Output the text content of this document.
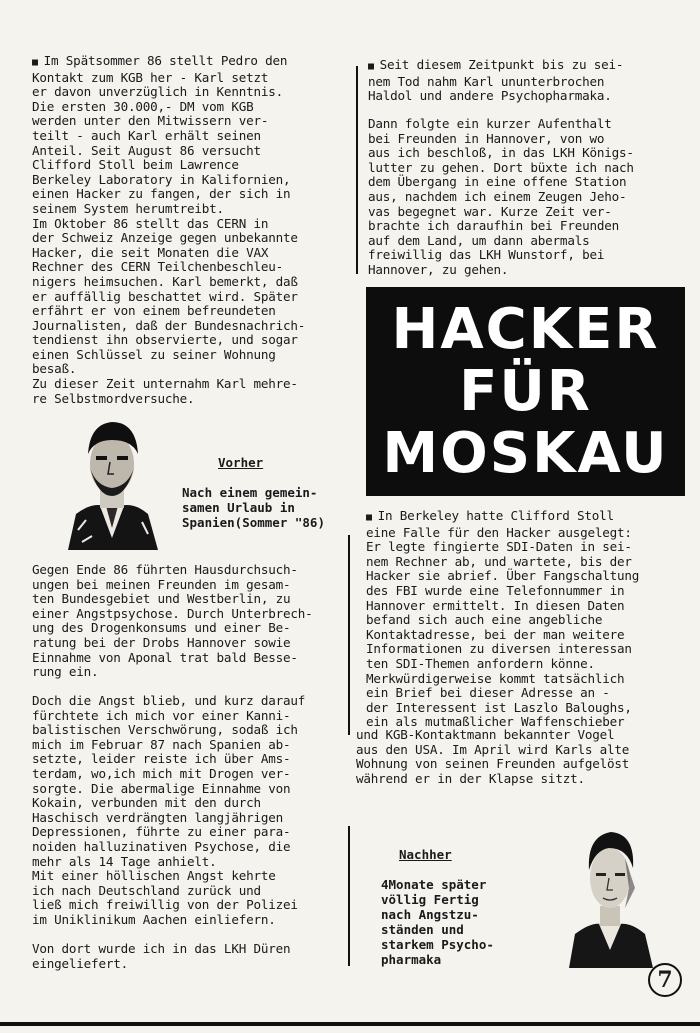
■ Im Spätsommer 86 stellt Pedro den
Kontakt zum KGB her - Karl setzt
er davon unverzüglich in Kenntnis.
Die ersten 30.000,- DM vom KGB
werden unter den Mitwissern ver-
teilt - auch Karl erhält seinen
Anteil. Seit August 86 versucht
Clifford Stoll beim Lawrence
Berkeley Laboratory in Kalifornien,
einen Hacker zu fangen, der sich in
seinem System herumtreibt.
Im Oktober 86 stellt das CERN in
der Schweiz Anzeige gegen unbekannte
Hacker, die seit Monaten die VAX
Rechner des CERN Teilchenbeschleu-
nigers heimsuchen. Karl bemerkt, daß
er auffällig beschattet wird. Später
erfährt er von einem befreundeten
Journalisten, daß der Bundesnachrich-
tendienst ihn observierte, und sogar
einen Schlüssel zu seiner Wohnung
besaß.
Zu dieser Zeit unternahm Karl mehre-
re Selbstmordversuche.

Vorher

Nach einem gemein-
samen Urlaub in
Spanien(Sommer "86)

Gegen Ende 86 führten Hausdurchsuch-
ungen bei meinen Freunden im gesam-
ten Bundesgebiet und Westberlin, zu
einer Angstpsychose. Durch Unterbrech-
ung des Drogenkonsums und einer Be-
ratung bei der Drobs Hannover sowie
Einnahme von Aponal trat bald Besse-
rung ein.
Doch die Angst blieb, und kurz darauf
fürchtete ich mich vor einer Kanni-
balistischen Verschwörung, sodaß ich
mich im Februar 87 nach Spanien ab-
setzte, leider reiste ich über Ams-
terdam, wo,ich mich mit Drogen ver-
sorgte. Die abermalige Einnahme von
Kokain, verbunden mit den durch
Haschisch verdrängten langjährigen
Depressionen, führte zu einer para-
noiden halluzinativen Psychose, die
mehr als 14 Tage anhielt.
Mit einer höllischen Angst kehrte
ich nach Deutschland zurück und
ließ mich freiwillig von der Polizei
im Uniklinikum Aachen einliefern.
Von dort wurde ich in das LKH Düren
eingeliefert.
■ Seit diesem Zeitpunkt bis zu sei-
nem Tod nahm Karl ununterbrochen
Haldol und andere Psychopharmaka.
Dann folgte ein kurzer Aufenthalt
bei Freunden in Hannover, von wo
aus ich beschloß, in das LKH Königs-
lutter zu gehen. Dort büxte ich nach
dem Übergang in eine offene Station
aus, nachdem ich einem Zeugen Jeho-
vas begegnet war. Kurze Zeit ver-
brachte ich daraufhin bei Freunden
auf dem Land, um dann abermals
freiwillig das LKH Wunstorf, bei
Hannover, zu gehen.
HACKER
FÜR
MOSKAU
■ In Berkeley hatte Clifford Stoll
eine Falle für den Hacker ausgelegt:
Er legte fingierte SDI-Daten in sei-
nem Rechner ab, und wartete, bis der
Hacker sie abrief. Über Fangschaltung
des FBI wurde eine Telefonnummer in
Hannover ermittelt. In diesen Daten
befand sich auch eine angebliche
Kontaktadresse, bei der man weitere
Informationen zu diversen interessan
ten SDI-Themen anfordern könne.
Merkwürdigerweise kommt tatsächlich
ein Brief bei dieser Adresse an -
der Interessent ist Laszlo Baloughs,
ein als mutmaßlicher Waffenschieber
und KGB-Kontaktmann bekannter Vogel
aus den USA. Im April wird Karls alte
Wohnung von seinen Freunden aufgelöst
während er in der Klapse sitzt.

Nachher

4Monate später
völlig Fertig
nach Angstzu-
ständen und
starkem Psycho-
pharmaka

7
